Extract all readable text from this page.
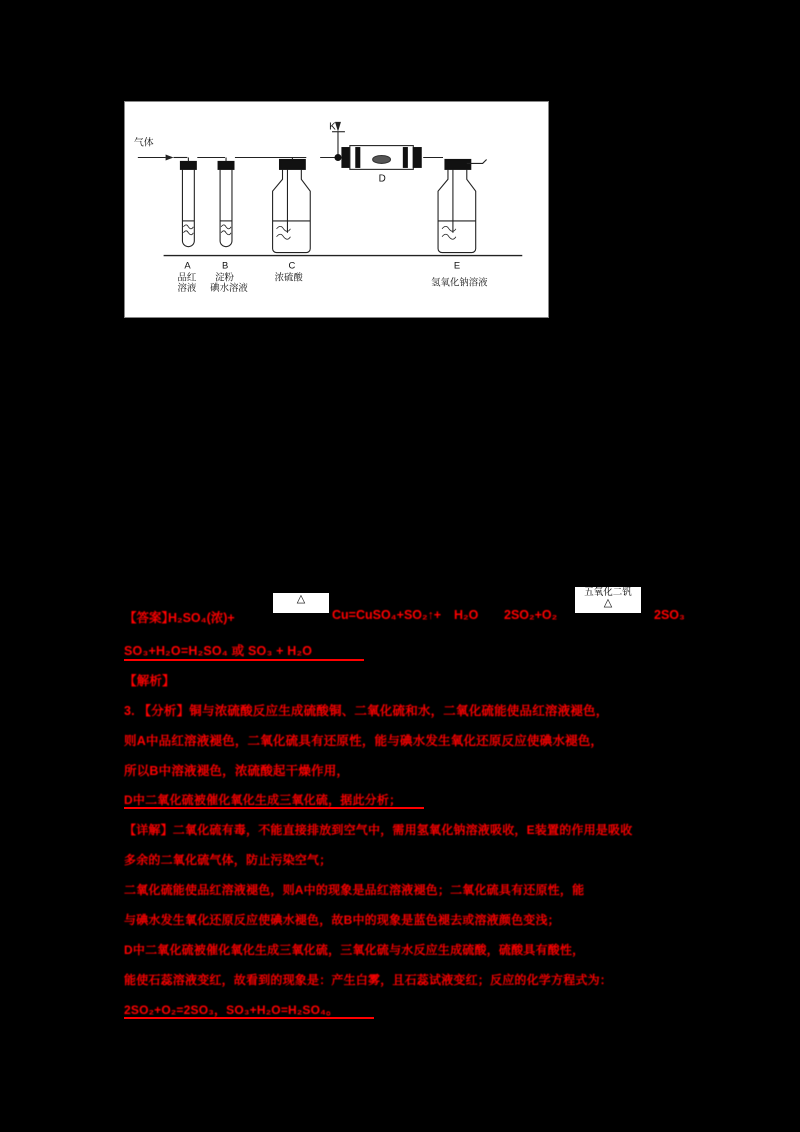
气体
K
D
A
品红
溶液
B
淀粉
碘水溶液
C
浓硫酸
E
氢氧化钠溶液
【答案】
H₂SO₄(浓)+
△
Cu=CuSO₄+SO₂↑+ H₂O 2SO₂+O₂
五氧化二钒
△
2SO₃
SO₃+H₂O=H₂SO₄ 或 SO₃ + H₂O
【解析】
3. 【分析】铜与浓硫酸反应生成硫酸铜、二氧化硫和水，二氧化硫能使品红溶液褪色，
则A中品红溶液褪色，二氧化硫具有还原性，能与碘水发生氧化还原反应使碘水褪色，
所以B中溶液褪色，浓硫酸起干燥作用，
D中二氧化硫被催化氧化生成三氧化硫，据此分析；
【详解】二氧化硫有毒，不能直接排放到空气中，需用氢氧化钠溶液吸收，E装置的作用是吸收
多余的二氧化硫气体，防止污染空气；
二氧化硫能使品红溶液褪色，则A中的现象是品红溶液褪色；二氧化硫具有还原性，能
与碘水发生氧化还原反应使碘水褪色，故B中的现象是蓝色褪去或溶液颜色变浅；
D中二氧化硫被催化氧化生成三氧化硫，三氧化硫与水反应生成硫酸，硫酸具有酸性，
能使石蕊溶液变红，故看到的现象是：产生白雾，且石蕊试液变红；反应的化学方程式为：
2SO₂+O₂=2SO₃，SO₃+H₂O=H₂SO₄。
